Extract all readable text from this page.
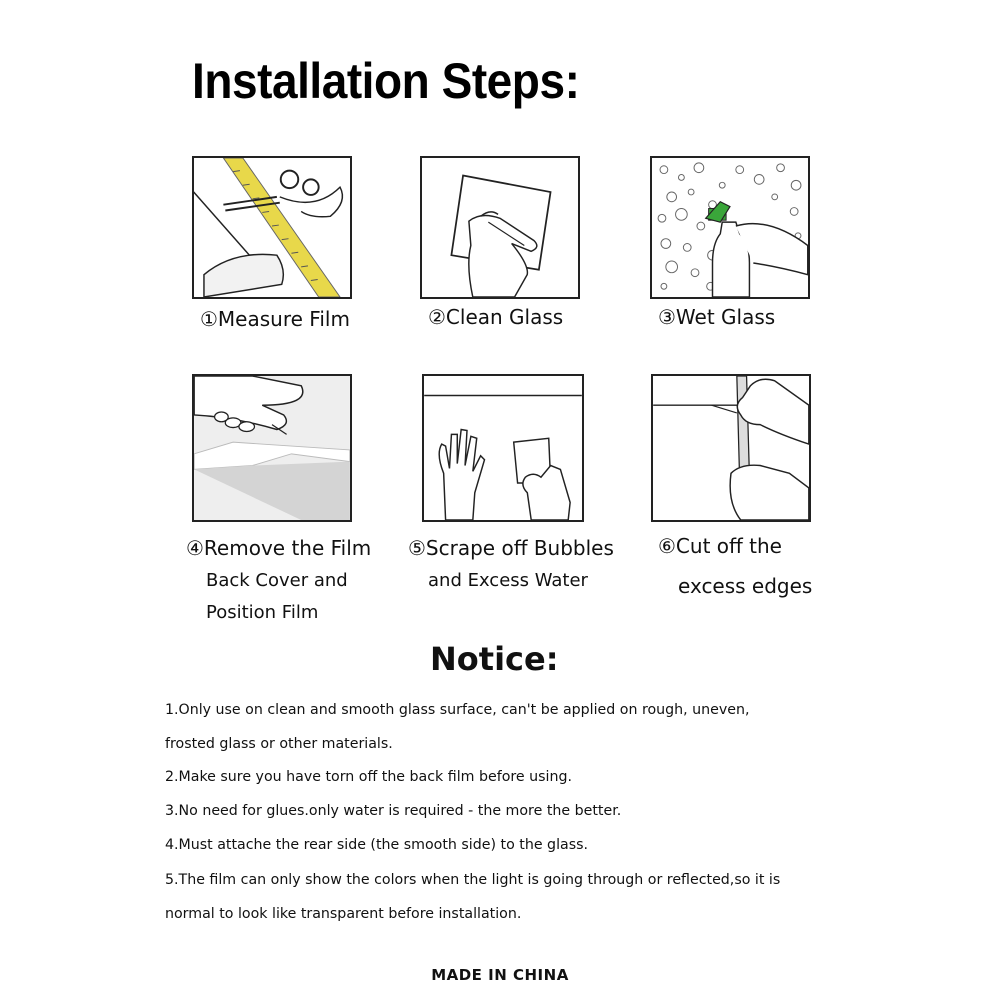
Installation Steps:
①Measure Film	②Clean Glass	③Wet Glass
④Remove the Film
Back Cover and
Position Film
⑤Scrape off Bubbles
and Excess Water
⑥Cut off the
excess edges
Notice:
1.Only use on clean and smooth glass surface, can't be applied on rough, uneven,
frosted glass or other materials.
2.Make sure you have torn off the back film before using.
3.No need for glues.only water is required - the more the better.
4.Must attache the rear side (the smooth side) to the glass.
5.The film can only show the colors when the light is going through or reflected,so it is
normal to look like transparent before installation.
MADE IN CHINA
